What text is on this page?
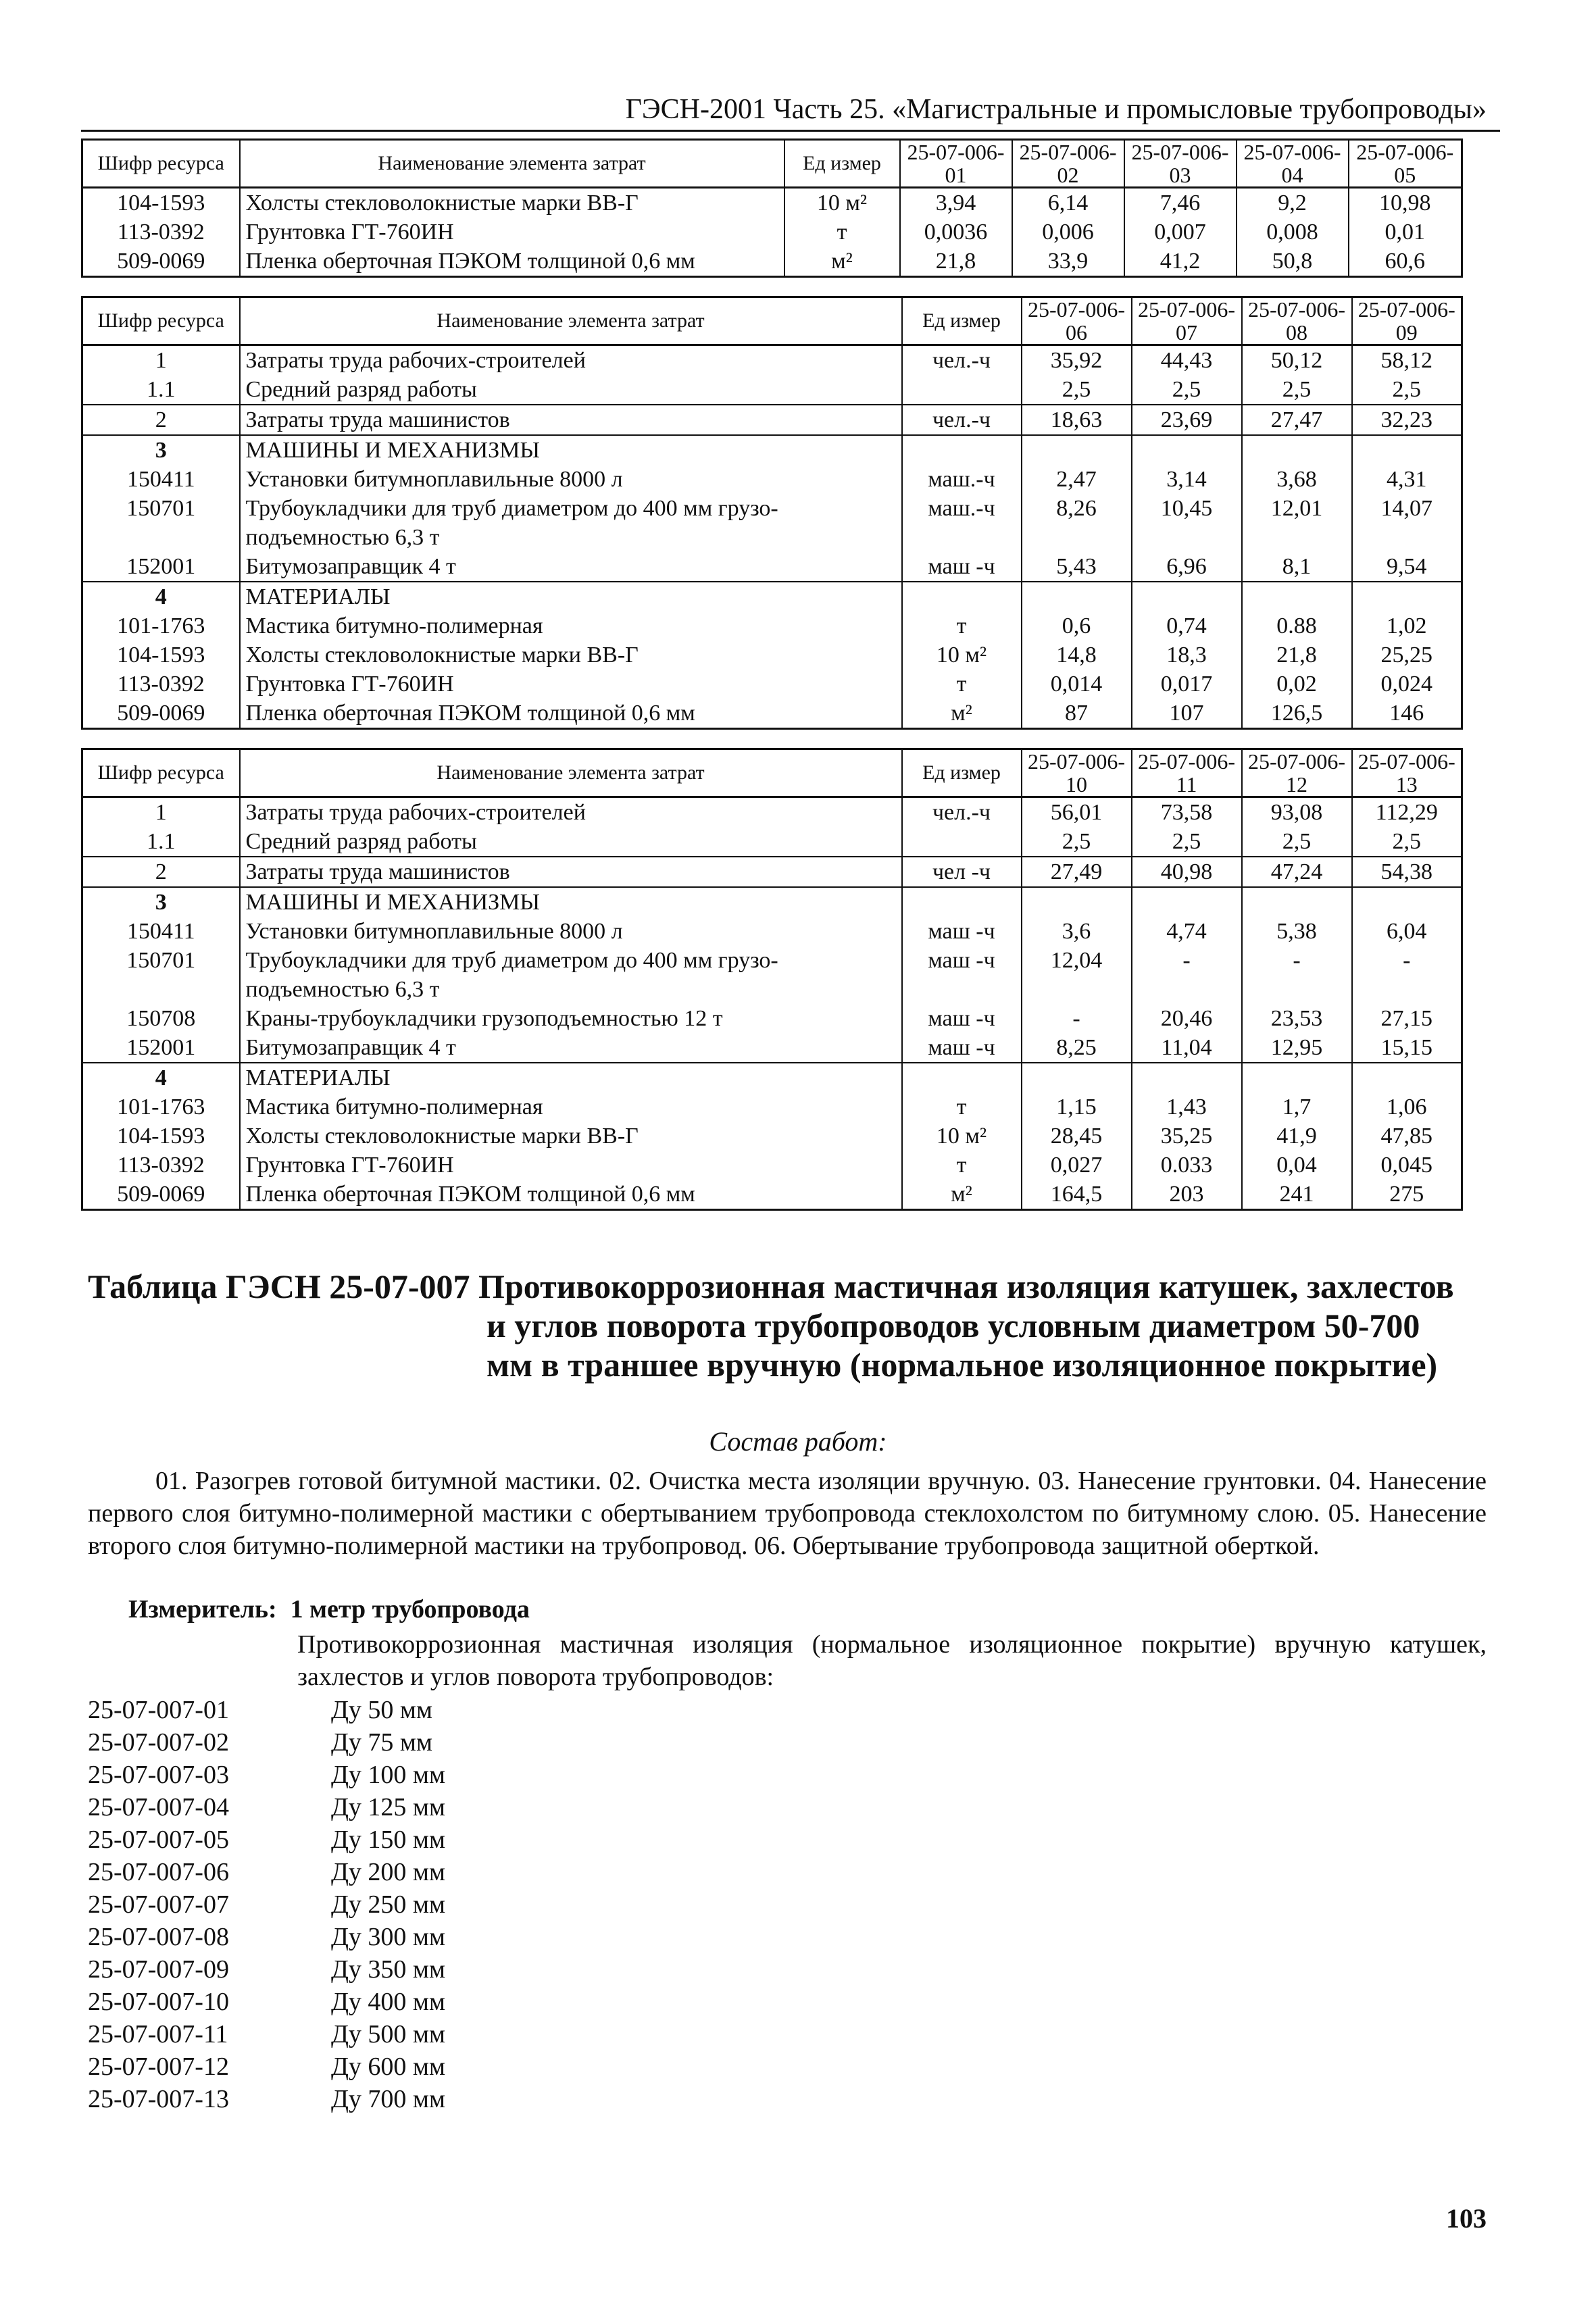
ГЭСН-2001 Часть 25. «Магистральные и промысловые трубопроводы»
Шифр ресурса	Наименование элемента затрат	Ед измер	25-07-006-01	25-07-006-02	25-07-006-03	25-07-006-04	25-07-006-05
104-1593	Холсты стекловолокнистые марки ВВ-Г	10 м²	3,94	6,14	7,46	9,2	10,98
113-0392	Грунтовка ГТ-760ИН	т	0,0036	0,006	0,007	0,008	0,01
509-0069	Пленка оберточная ПЭКОМ толщиной 0,6 мм	м²	21,8	33,9	41,2	50,8	60,6
Шифр ресурса	Наименование элемента затрат	Ед измер	25-07-006-06	25-07-006-07	25-07-006-08	25-07-006-09
1	Затраты труда рабочих-строителей	чел.-ч	35,92	44,43	50,12	58,12
1.1	Средний разряд работы		2,5	2,5	2,5	2,5
2	Затраты труда машинистов	чел.-ч	18,63	23,69	27,47	32,23
3	МАШИНЫ И МЕХАНИЗМЫ					
150411	Установки битумноплавильные 8000 л	маш.-ч	2,47	3,14	3,68	4,31
150701	Трубоукладчики для труб диаметром до 400 мм грузо-подъемностью 6,3 т	маш.-ч	8,26	10,45	12,01	14,07
152001	Битумозаправщик 4 т	маш -ч	5,43	6,96	8,1	9,54
4	МАТЕРИАЛЫ					
101-1763	Мастика битумно-полимерная	т	0,6	0,74	0.88	1,02
104-1593	Холсты стекловолокнистые марки ВВ-Г	10 м²	14,8	18,3	21,8	25,25
113-0392	Грунтовка ГТ-760ИН	т	0,014	0,017	0,02	0,024
509-0069	Пленка оберточная ПЭКОМ толщиной 0,6 мм	м²	87	107	126,5	146
Шифр ресурса	Наименование элемента затрат	Ед измер	25-07-006-10	25-07-006-11	25-07-006-12	25-07-006-13
1	Затраты труда рабочих-строителей	чел.-ч	56,01	73,58	93,08	112,29
1.1	Средний разряд работы		2,5	2,5	2,5	2,5
2	Затраты труда машинистов	чел -ч	27,49	40,98	47,24	54,38
3	МАШИНЫ И МЕХАНИЗМЫ					
150411	Установки битумноплавильные 8000 л	маш -ч	3,6	4,74	5,38	6,04
150701	Трубоукладчики для труб диаметром до 400 мм грузо-подъемностью 6,3 т	маш -ч	12,04	-	-	-
150708	Краны-трубоукладчики грузоподъемностью 12 т	маш -ч	-	20,46	23,53	27,15
152001	Битумозаправщик 4 т	маш -ч	8,25	11,04	12,95	15,15
4	МАТЕРИАЛЫ					
101-1763	Мастика битумно-полимерная	т	1,15	1,43	1,7	1,06
104-1593	Холсты стекловолокнистые марки ВВ-Г	10 м²	28,45	35,25	41,9	47,85
113-0392	Грунтовка ГТ-760ИН	т	0,027	0.033	0,04	0,045
509-0069	Пленка оберточная ПЭКОМ толщиной 0,6 мм	м²	164,5	203	241	275
Таблица ГЭСН 25-07-007 Противокоррозионная мастичная изоляция катушек, захлестов
и углов поворота трубопроводов условным диаметром 50-700
мм в траншее вручную (нормальное изоляционное покрытие)
Состав работ:
01. Разогрев готовой битумной мастики. 02. Очистка места изоляции вручную. 03. Нанесение грунтовки. 04. Нанесение первого слоя битумно-полимерной мастики с обертыванием трубопровода стеклохолстом по битумному слою. 05. Нанесение второго слоя битумно-полимерной мастики на трубопровод. 06. Обертывание трубопровода защитной оберткой.
Измеритель: 1 метр трубопровода
Противокоррозионная мастичная изоляция (нормальное изоляционное покрытие) вручную катушек, захлестов и углов поворота трубопроводов:
25-07-007-01	Ду 50 мм
25-07-007-02	Ду 75 мм
25-07-007-03	Ду 100 мм
25-07-007-04	Ду 125 мм
25-07-007-05	Ду 150 мм
25-07-007-06	Ду 200 мм
25-07-007-07	Ду 250 мм
25-07-007-08	Ду 300 мм
25-07-007-09	Ду 350 мм
25-07-007-10	Ду 400 мм
25-07-007-11	Ду 500 мм
25-07-007-12	Ду 600 мм
25-07-007-13	Ду 700 мм
103
